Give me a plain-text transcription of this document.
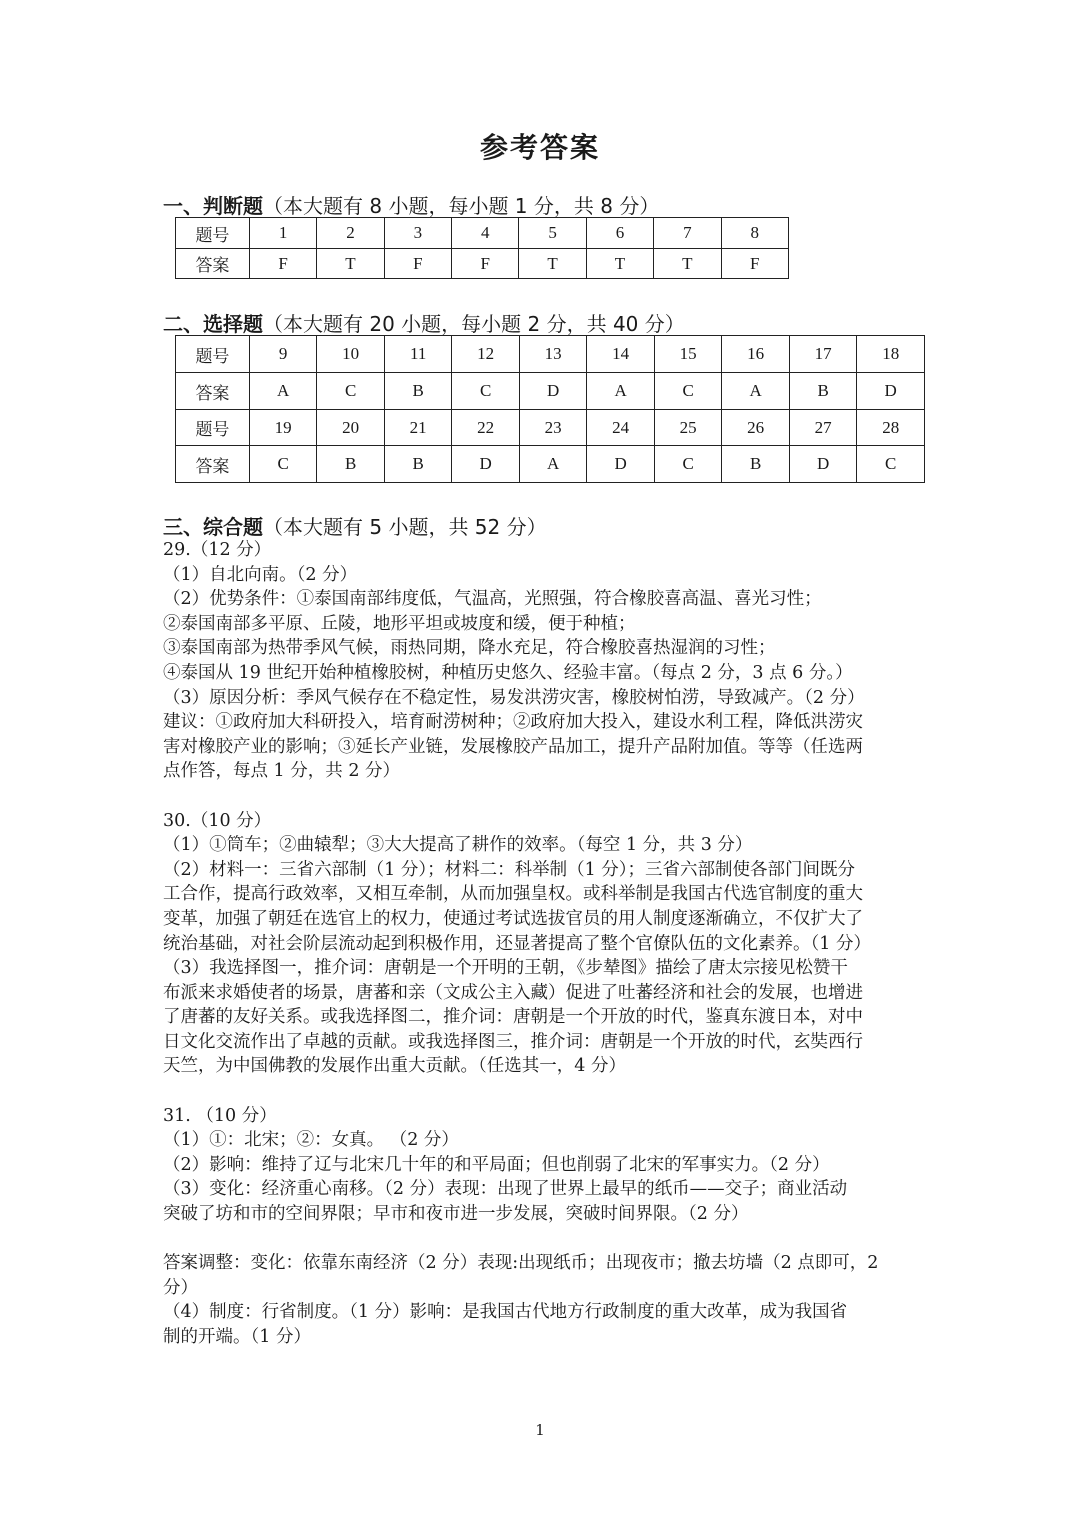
参考答案
一、判断题（本大题有 8 小题，每小题 1 分，共 8 分）
题号	1	2	3	4	5	6	7	8
答案	F	T	F	F	T	T	T	F
二、选择题（本大题有 20 小题，每小题 2 分，共 40 分）
题号	9	10	11	12	13	14	15	16	17	18
答案	A	C	B	C	D	A	C	A	B	D
题号	19	20	21	22	23	24	25	26	27	28
答案	C	B	B	D	A	D	C	B	D	C
三、综合题（本大题有 5 小题，共 52 分）

29.（12 分）

（1）自北向南。（2 分）

（2）优势条件：①泰国南部纬度低，气温高，光照强，符合橡胶喜高温、喜光习性；

②泰国南部多平原、丘陵，地形平坦或坡度和缓，便于种植；

③泰国南部为热带季风气候，雨热同期，降水充足，符合橡胶喜热湿润的习性；

④泰国从 19 世纪开始种植橡胶树，种植历史悠久、经验丰富。（每点 2 分，3 点 6 分。）

（3）原因分析：季风气候存在不稳定性，易发洪涝灾害，橡胶树怕涝，导致减产。（2 分）

建议：①政府加大科研投入，培育耐涝树种；②政府加大投入，建设水利工程，降低洪涝灾

害对橡胶产业的影响；③延长产业链，发展橡胶产品加工，提升产品附加值。等等（任选两

点作答，每点 1 分，共 2 分）

30.（10 分）

（1）①筒车；②曲辕犁；③大大提高了耕作的效率。（每空 1 分，共 3 分）

（2）材料一：三省六部制（1 分）；材料二：科举制（1 分）；三省六部制使各部门间既分

工合作，提高行政效率，又相互牵制，从而加强皇权。或科举制是我国古代选官制度的重大

变革，加强了朝廷在选官上的权力，使通过考试选拔官员的用人制度逐渐确立，不仅扩大了

统治基础，对社会阶层流动起到积极作用，还显著提高了整个官僚队伍的文化素养。（1 分）

（3）我选择图一，推介词：唐朝是一个开明的王朝，《步辇图》描绘了唐太宗接见松赞干

布派来求婚使者的场景，唐蕃和亲（文成公主入藏）促进了吐蕃经济和社会的发展，也增进

了唐蕃的友好关系。或我选择图二，推介词：唐朝是一个开放的时代，鉴真东渡日本，对中

日文化交流作出了卓越的贡献。或我选择图三，推介词：唐朝是一个开放的时代，玄奘西行

天竺，为中国佛教的发展作出重大贡献。（任选其一，4 分）

31. （10 分）

（1）①：北宋；②：女真。 （2 分）

（2）影响：维持了辽与北宋几十年的和平局面；但也削弱了北宋的军事实力。（2 分）

（3）变化：经济重心南移。（2 分）表现：出现了世界上最早的纸币——交子；商业活动

突破了坊和市的空间界限；早市和夜市进一步发展，突破时间界限。（2 分）

答案调整：变化：依靠东南经济（2 分）表现:出现纸币；出现夜市；撤去坊墙（2 点即可，2

分）

（4）制度：行省制度。（1 分）影响：是我国古代地方行政制度的重大改革，成为我国省

制的开端。（1 分）

1
